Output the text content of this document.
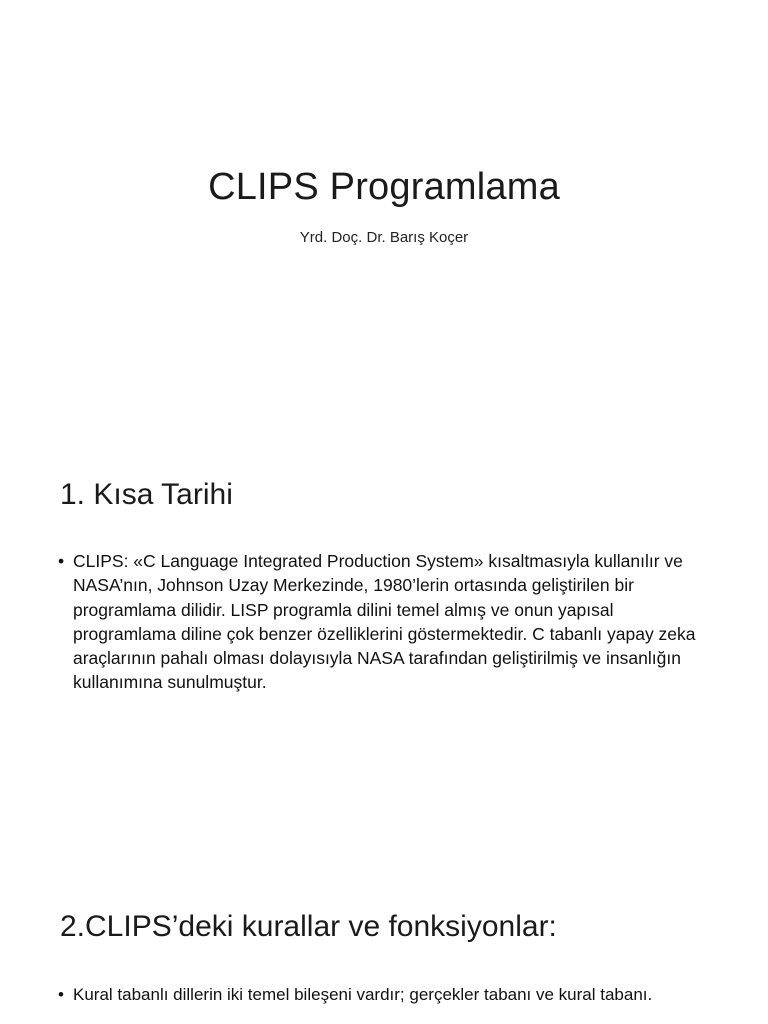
CLIPS Programlama

Yrd. Doç. Dr. Barış Koçer

1. Kısa Tarihi
• CLIPS: «C Language Integrated Production System» kısaltmasıyla kullanılır ve NASA’nın, Johnson Uzay Merkezinde, 1980’lerin ortasında geliştirilen bir programlama dilidir. LISP programla dilini temel almış ve onun yapısal programlama diline çok benzer özelliklerini göstermektedir. C tabanlı yapay zeka araçlarının pahalı olması dolayısıyla NASA tarafından geliştirilmiş ve insanlığın kullanımına sunulmuştur.
2.CLIPS’deki kurallar ve fonksiyonlar:
• Kural tabanlı dillerin iki temel bileşeni vardır; gerçekler tabanı ve kural tabanı.
